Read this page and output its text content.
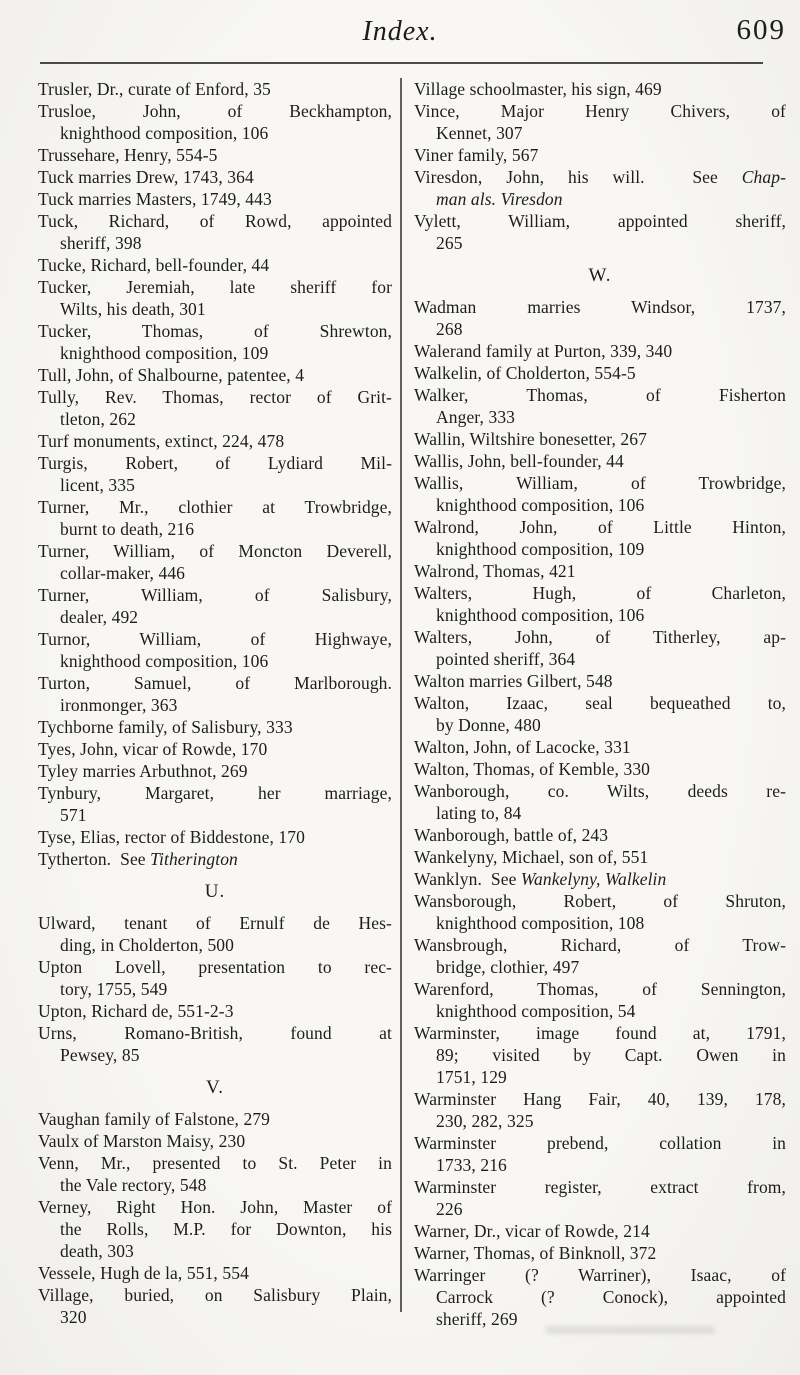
Index.	609
Trusler, Dr., curate of Enford, 35
Trusloe, John, of Beckhampton,
knighthood composition, 106
Trussehare, Henry, 554-5
Tuck marries Drew, 1743, 364
Tuck marries Masters, 1749, 443
Tuck, Richard, of Rowd, appointed
sheriff, 398
Tucke, Richard, bell-founder, 44
Tucker, Jeremiah, late sheriff for
Wilts, his death, 301
Tucker, Thomas, of Shrewton,
knighthood composition, 109
Tull, John, of Shalbourne, patentee, 4
Tully, Rev. Thomas, rector of Grit-
tleton, 262
Turf monuments, extinct, 224, 478
Turgis, Robert, of Lydiard Mil-
licent, 335
Turner, Mr., clothier at Trowbridge,
burnt to death, 216
Turner, William, of Moncton Deverell,
collar-maker, 446
Turner, William, of Salisbury,
dealer, 492
Turnor, William, of Highwaye,
knighthood composition, 106
Turton, Samuel, of Marlborough.
ironmonger, 363
Tychborne family, of Salisbury, 333
Tyes, John, vicar of Rowde, 170
Tyley marries Arbuthnot, 269
Tynbury, Margaret, her marriage,
571
Tyse, Elias, rector of Biddestone, 170
Tytherton.  See Titherington
U.
Ulward, tenant of Ernulf de Hes-
ding, in Cholderton, 500
Upton Lovell, presentation to rec-
tory, 1755, 549
Upton, Richard de, 551-2-3
Urns, Romano-British, found at
Pewsey, 85
V.
Vaughan family of Falstone, 279
Vaulx of Marston Maisy, 230
Venn, Mr., presented to St. Peter in
the Vale rectory, 548
Verney, Right Hon. John, Master of
the Rolls, M.P. for Downton, his
death, 303
Vessele, Hugh de la, 551, 554
Village, buried, on Salisbury Plain,
320
Village schoolmaster, his sign, 469
Vince, Major Henry Chivers, of
Kennet, 307
Viner family, 567
Viresdon, John, his will.  See Chap-
man als. Viresdon
Vylett, William, appointed sheriff,
265
W.
Wadman marries Windsor, 1737,
268
Walerand family at Purton, 339, 340
Walkelin, of Cholderton, 554-5
Walker, Thomas, of Fisherton
Anger, 333
Wallin, Wiltshire bonesetter, 267
Wallis, John, bell-founder, 44
Wallis, William, of Trowbridge,
knighthood composition, 106
Walrond, John, of Little Hinton,
knighthood composition, 109
Walrond, Thomas, 421
Walters, Hugh, of Charleton,
knighthood composition, 106
Walters, John, of Titherley, ap-
pointed sheriff, 364
Walton marries Gilbert, 548
Walton, Izaac, seal bequeathed to,
by Donne, 480
Walton, John, of Lacocke, 331
Walton, Thomas, of Kemble, 330
Wanborough, co. Wilts, deeds re-
lating to, 84
Wanborough, battle of, 243
Wankelyny, Michael, son of, 551
Wanklyn.  See Wankelyny, Walkelin
Wansborough, Robert, of Shruton,
knighthood composition, 108
Wansbrough, Richard, of Trow-
bridge, clothier, 497
Warenford, Thomas, of Sennington,
knighthood composition, 54
Warminster, image found at, 1791,
89; visited by Capt. Owen in
1751, 129
Warminster Hang Fair, 40, 139, 178,
230, 282, 325
Warminster prebend, collation in
1733, 216
Warminster register, extract from,
226
Warner, Dr., vicar of Rowde, 214
Warner, Thomas, of Binknoll, 372
Warringer (? Warriner), Isaac, of
Carrock (? Conock), appointed
sheriff, 269
